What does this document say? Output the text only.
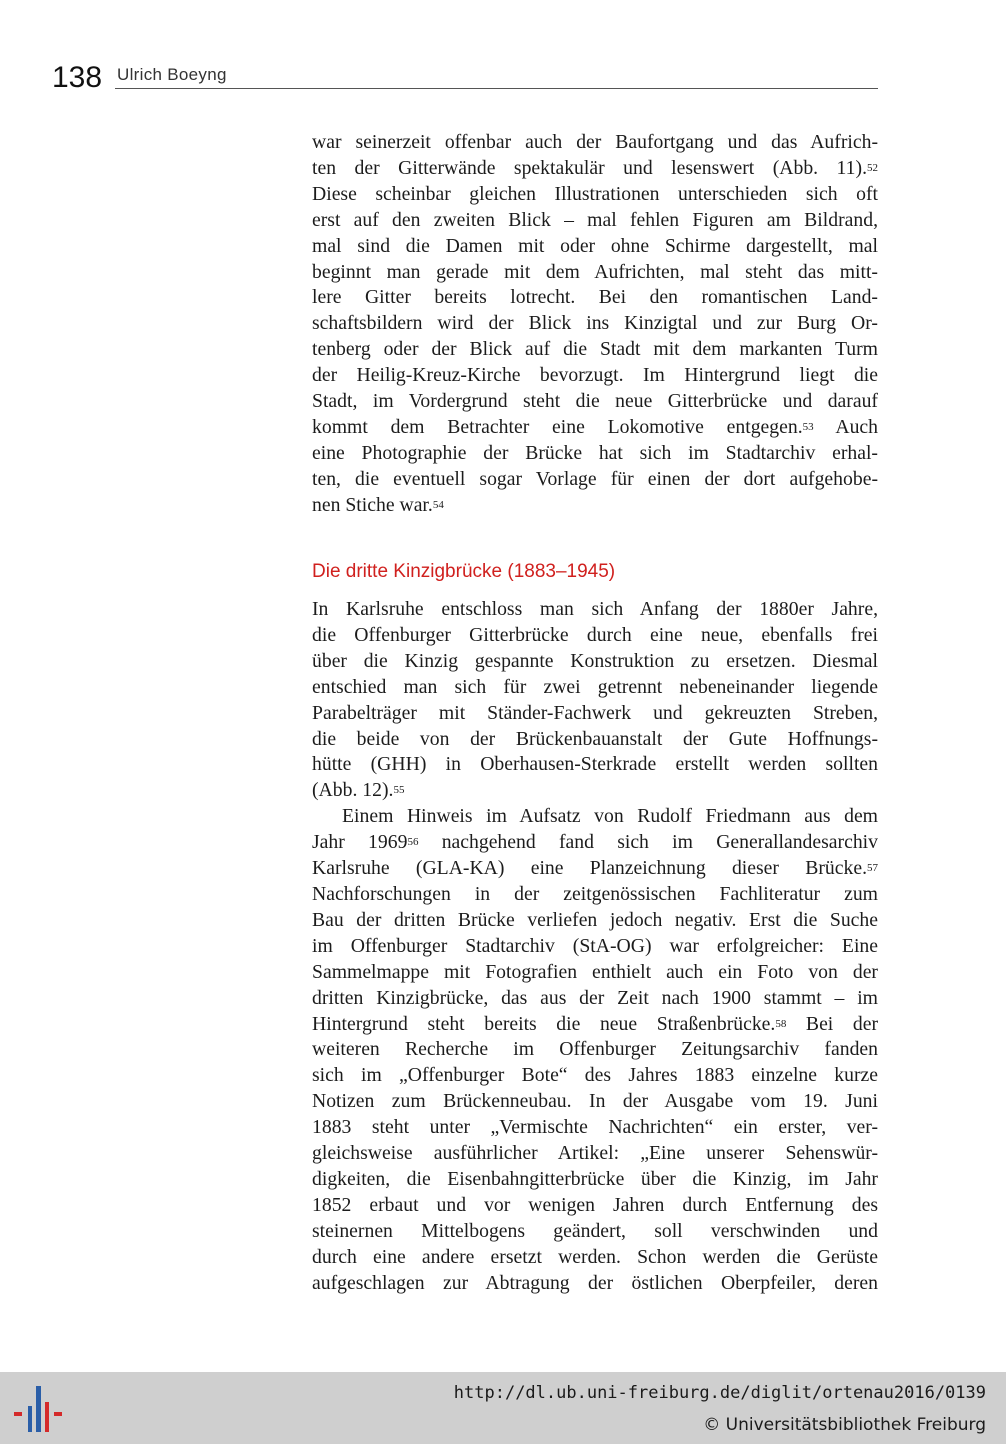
138 Ulrich Boeyng
war seinerzeit offenbar auch der Baufortgang und das Aufrich-
ten der Gitterwände spektakulär und lesenswert (Abb. 11).$^{52}$
Diese scheinbar gleichen Illustrationen unterschieden sich oft
erst auf den zweiten Blick – mal fehlen Figuren am Bildrand,
mal sind die Damen mit oder ohne Schirme dargestellt, mal
beginnt man gerade mit dem Aufrichten, mal steht das mitt-
lere Gitter bereits lotrecht. Bei den romantischen Land-
schaftsbildern wird der Blick ins Kinzigtal und zur Burg Or-
tenberg oder der Blick auf die Stadt mit dem markanten Turm
der Heilig-Kreuz-Kirche bevorzugt. Im Hintergrund liegt die
Stadt, im Vordergrund steht die neue Gitterbrücke und darauf
kommt dem Betrachter eine Lokomotive entgegen.$^{53}$ Auch
eine Photographie der Brücke hat sich im Stadtarchiv erhal-
ten, die eventuell sogar Vorlage für einen der dort aufgehobe-
nen Stiche war.$^{54}$
Die dritte Kinzigbrücke (1883–1945)
In Karlsruhe entschloss man sich Anfang der 1880er Jahre,
die Offenburger Gitterbrücke durch eine neue, ebenfalls frei
über die Kinzig gespannte Konstruktion zu ersetzen. Diesmal
entschied man sich für zwei getrennt nebeneinander liegende
Parabelträger mit Ständer-Fachwerk und gekreuzten Streben,
die beide von der Brückenbauanstalt der Gute Hoffnungs-
hütte (GHH) in Oberhausen-Sterkrade erstellt werden sollten
(Abb. 12).$^{55}$
Einem Hinweis im Aufsatz von Rudolf Friedmann aus dem
Jahr 1969$^{56}$ nachgehend fand sich im Generallandesarchiv
Karlsruhe (GLA-KA) eine Planzeichnung dieser Brücke.$^{57}$
Nachforschungen in der zeitgenössischen Fachliteratur zum
Bau der dritten Brücke verliefen jedoch negativ. Erst die Suche
im Offenburger Stadtarchiv (StA-OG) war erfolgreicher: Eine
Sammelmappe mit Fotografien enthielt auch ein Foto von der
dritten Kinzigbrücke, das aus der Zeit nach 1900 stammt – im
Hintergrund steht bereits die neue Straßenbrücke.$^{58}$ Bei der
weiteren Recherche im Offenburger Zeitungsarchiv fanden
sich im „Offenburger Bote“ des Jahres 1883 einzelne kurze
Notizen zum Brückenneubau. In der Ausgabe vom 19. Juni
1883 steht unter „Vermischte Nachrichten“ ein erster, ver-
gleichsweise ausführlicher Artikel: „Eine unserer Sehenswür-
digkeiten, die Eisenbahngitterbrücke über die Kinzig, im Jahr
1852 erbaut und vor wenigen Jahren durch Entfernung des
steinernen Mittelbogens geändert, soll verschwinden und
durch eine andere ersetzt werden. Schon werden die Gerüste
aufgeschlagen zur Abtragung der östlichen Oberpfeiler, deren
http://dl.ub.uni-freiburg.de/diglit/ortenau2016/0139
© Universitätsbibliothek Freiburg
